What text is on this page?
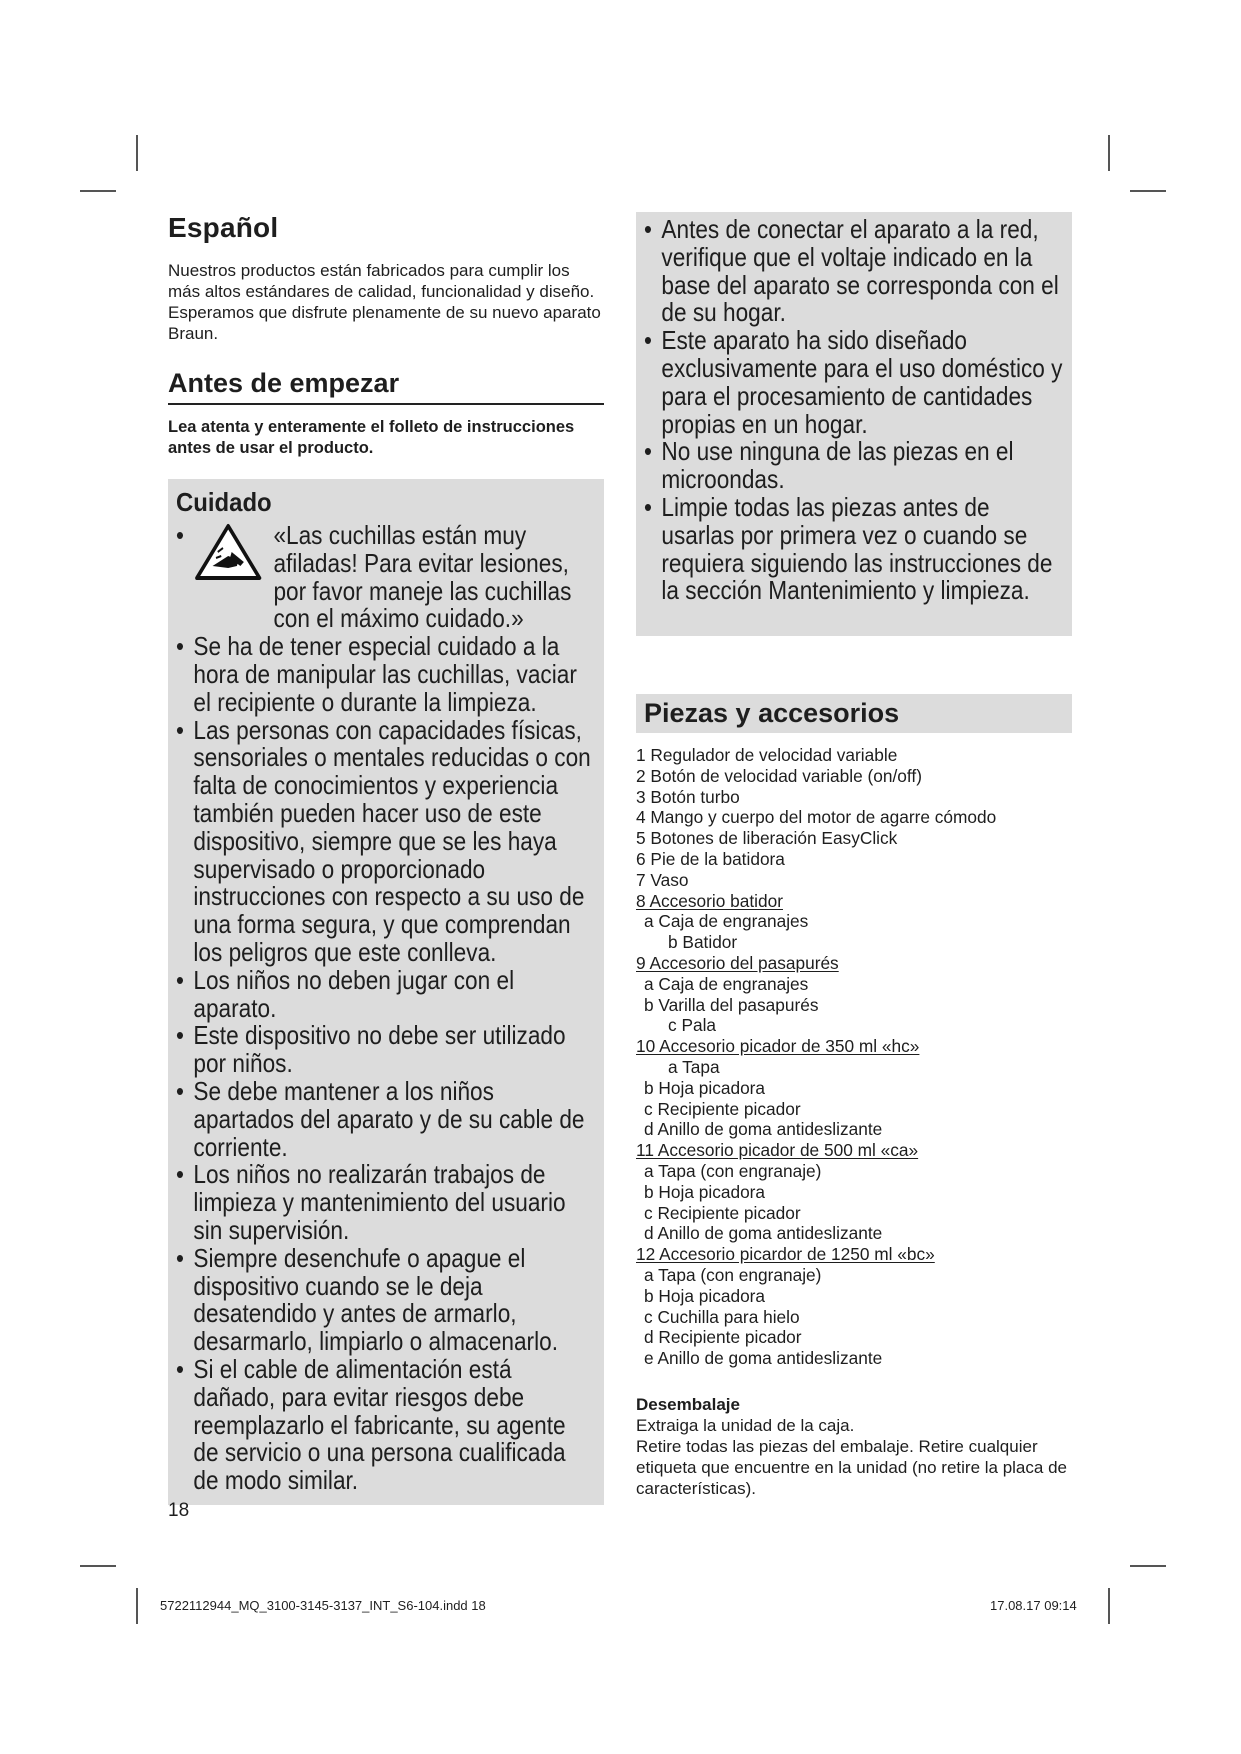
Español

Nuestros productos están fabricados para cumplir los más altos estándares de calidad, funcionalidad y diseño. Esperamos que disfrute plenamente de su nuevo aparato Braun.

Antes de empezar

Lea atenta y enteramente el folleto de instrucciones antes de usar el producto.

Cuidado
•	«Las cuchillas están muy afiladas! Para evitar lesiones, por favor maneje las cuchillas con el máximo cuidado.»
• Se ha de tener especial cuidado a la hora de manipular las cuchillas, vaciar el recipiente o durante la limpieza.
• Las personas con capacidades físicas, sensoriales o mentales reducidas o con falta de conocimientos y experiencia también pueden hacer uso de este dispositivo, siempre que se les haya supervisado o proporcionado instrucciones con respecto a su uso de una forma segura, y que comprendan los peligros que este conlleva.
• Los niños no deben jugar con el aparato.
• Este dispositivo no debe ser utilizado por niños.
• Se debe mantener a los niños apartados del aparato y de su cable de corriente.
• Los niños no realizarán trabajos de limpieza y mantenimiento del usuario sin supervisión.
• Siempre desenchufe o apague el dispositivo cuando se le deja desatendido y antes de armarlo, desarmarlo, limpiarlo o almacenarlo.
• Si el cable de alimentación está dañado, para evitar riesgos debe reemplazarlo el fabricante, su agente de servicio o una persona cualificada de modo similar.
• Antes de conectar el aparato a la red, verifique que el voltaje indicado en la base del aparato se corresponda con el de su hogar.
• Este aparato ha sido diseñado exclusivamente para el uso doméstico y para el procesamiento de cantidades propias en un hogar.
• No use ninguna de las piezas en el microondas.
• Limpie todas las piezas antes de usarlas por primera vez o cuando se requiera siguiendo las instrucciones de la sección Mantenimiento y limpieza.
Piezas y accesorios
1 Regulador de velocidad variable
2 Botón de velocidad variable (on/off)
3 Botón turbo
4 Mango y cuerpo del motor de agarre cómodo
5 Botones de liberación EasyClick
6 Pie de la batidora
7 Vaso
8 Accesorio batidor
a Caja de engranajes
b Batidor
9 Accesorio del pasapurés
a Caja de engranajes
b Varilla del pasapurés
c Pala
10 Accesorio picador de 350 ml «hc»
a Tapa
b Hoja picadora
c Recipiente picador
d Anillo de goma antideslizante
11 Accesorio picador de 500 ml «ca»
a Tapa (con engranaje)
b Hoja picadora
c Recipiente picador
d Anillo de goma antideslizante
12 Accesorio picardor de 1250 ml «bc»
a Tapa (con engranaje)
b Hoja picadora
c Cuchilla para hielo
d Recipiente picador
e Anillo de goma antideslizante
Desembalaje

Extraiga la unidad de la caja.

Retire todas las piezas del embalaje. Retire cualquier etiqueta que encuentre en la unidad (no retire la placa de características).

18
5722112944_MQ_3100-3145-3137_INT_S6-104.indd 18	17.08.17 09:14
